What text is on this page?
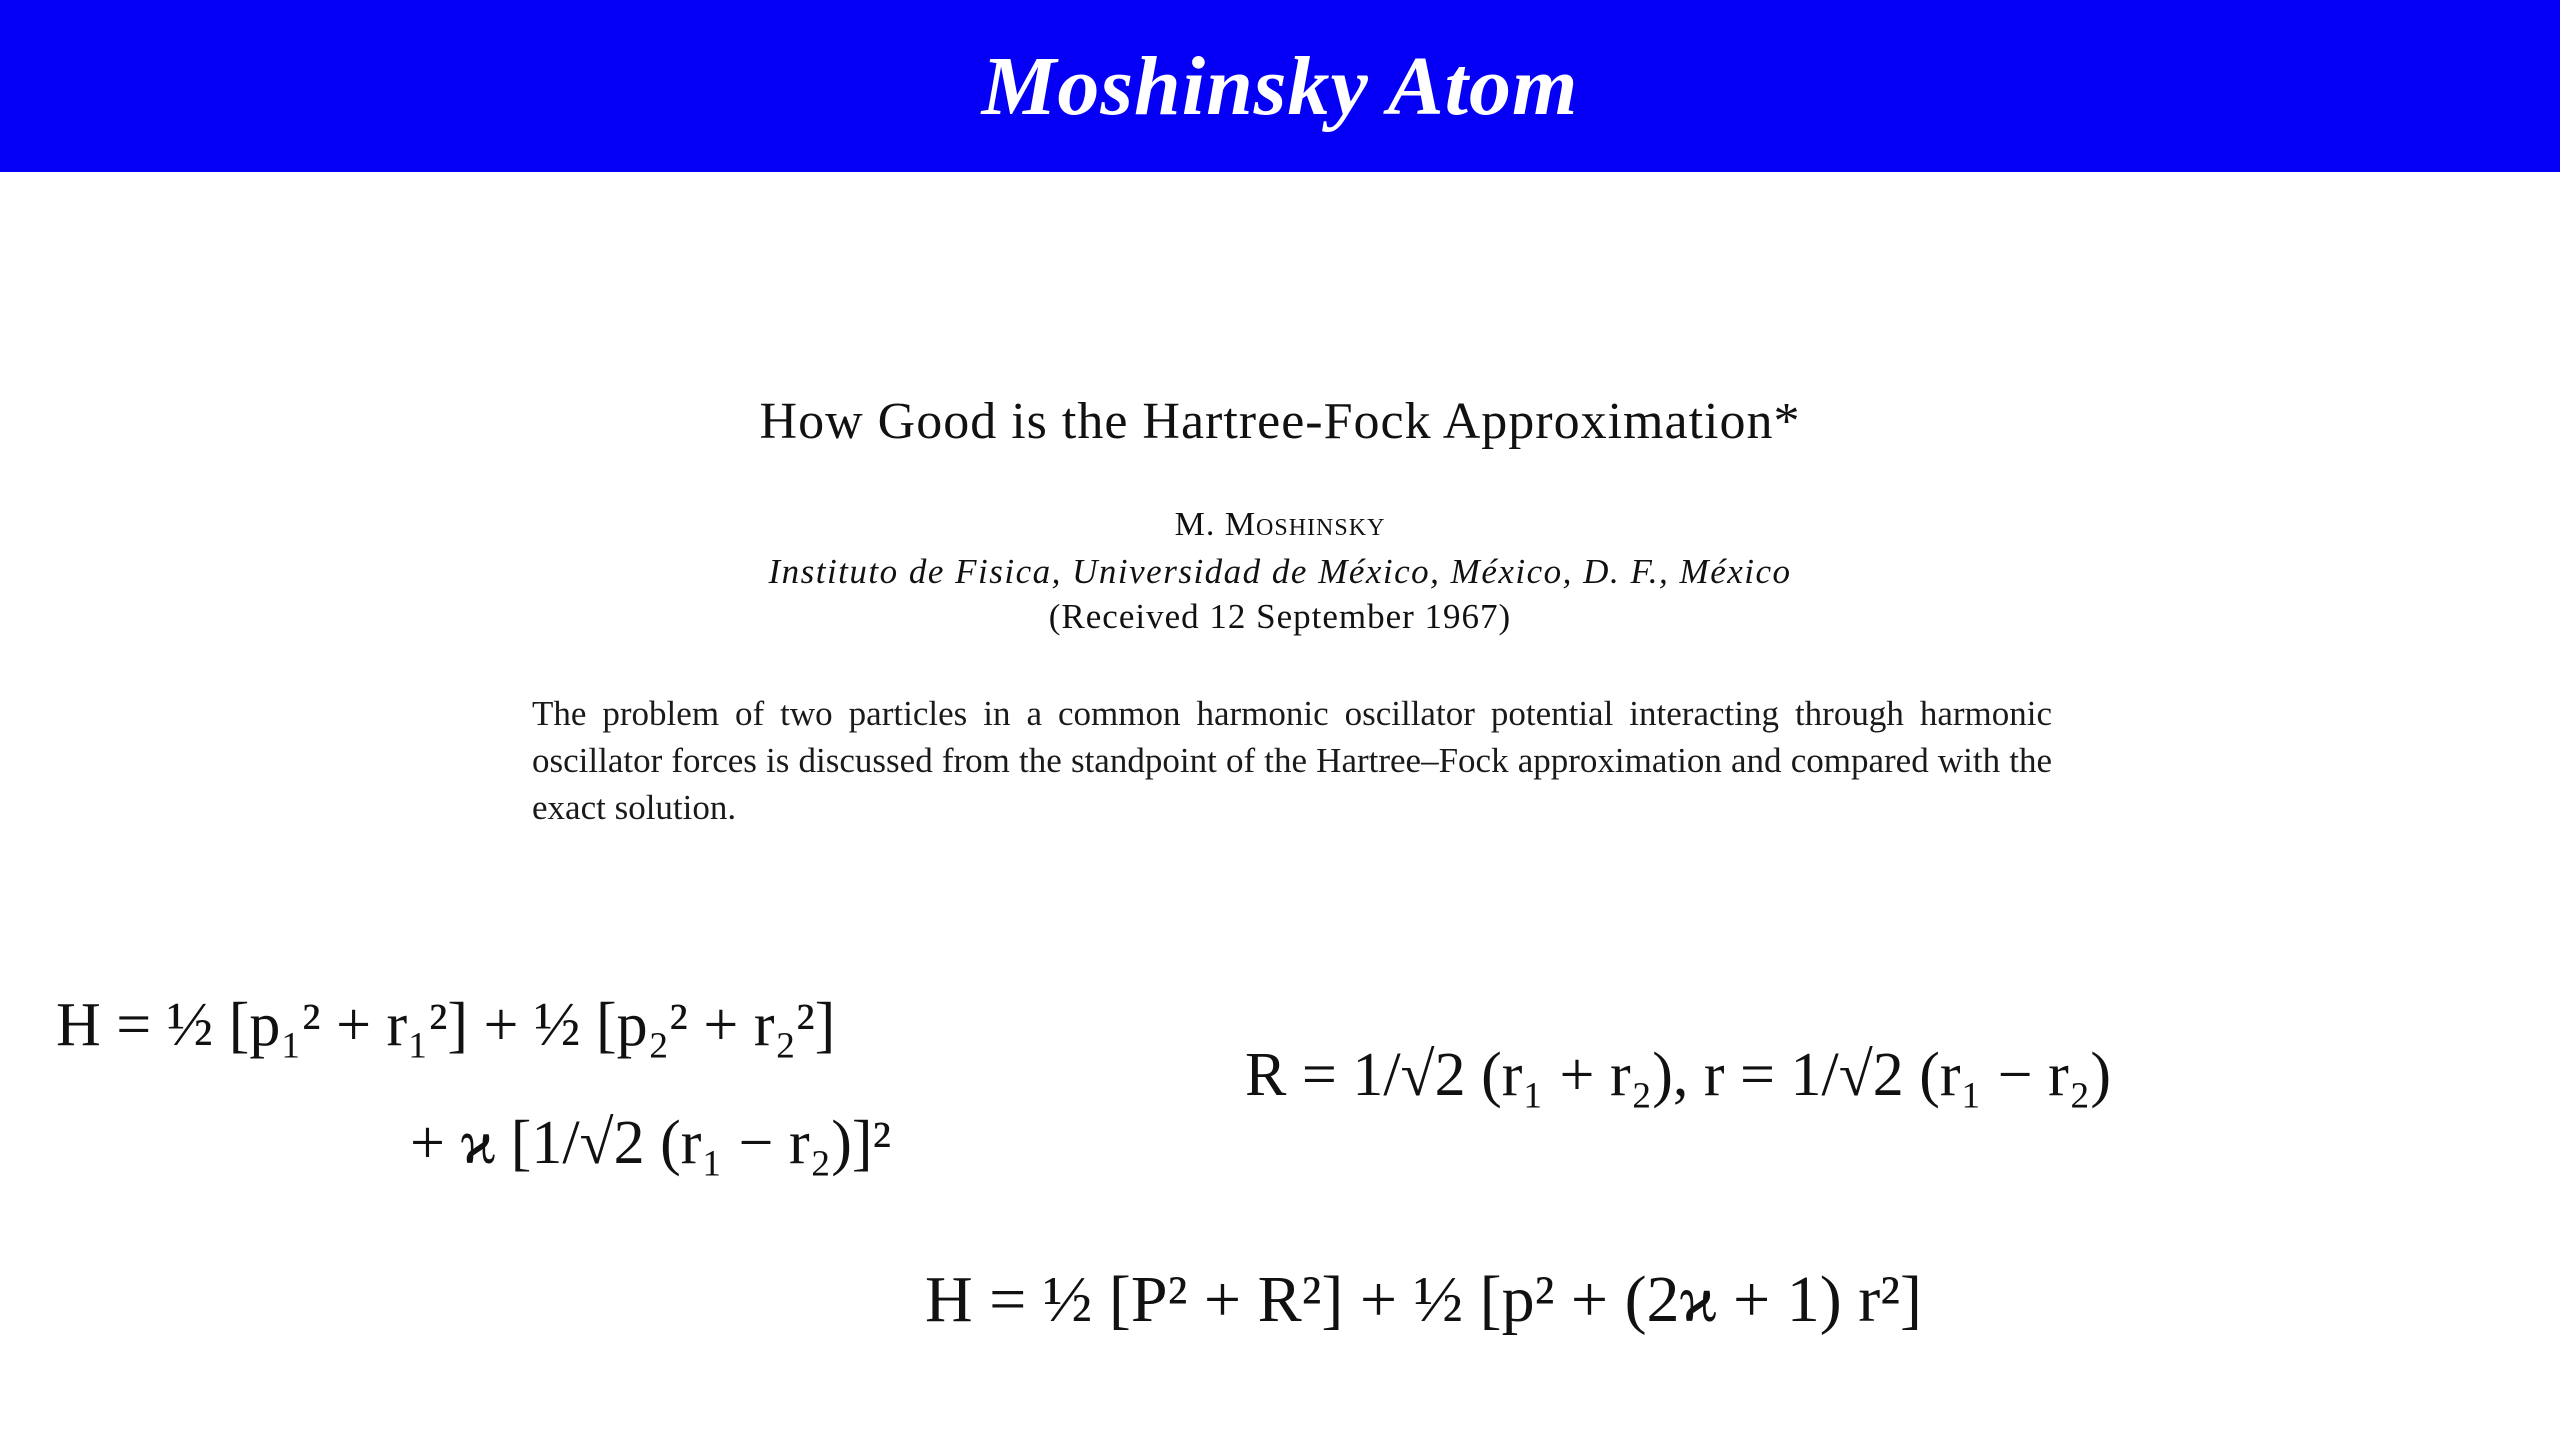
Moshinsky Atom
How Good is the Hartree-Fock Approximation*
M. Moshinsky
Instituto de Fisica, Universidad de México, México, D. F., México
(Received 12 September 1967)
The problem of two particles in a common harmonic oscillator potential interacting through harmonic oscillator forces is discussed from the standpoint of the Hartree–Fock approximation and compared with the exact solution.
H = ½ [p₁² + r₁²] + ½ [p₂² + r₂²]
+ ϰ [1/√2 (r₁ − r₂)]²
R = 1/√2 (r₁ + r₂), r = 1/√2 (r₁ − r₂)
H = ½ [P² + R²] + ½ [p² + (2ϰ + 1) r²]
